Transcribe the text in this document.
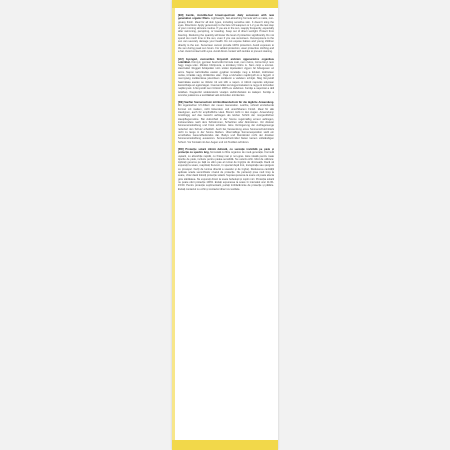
[EN] Gentle, invisible-feel broad-spectrum daily sunscreen with new generation organic filters. Lightweight, fast-absorbing formula with a matte, non-greasy finish. Ideal for all skin types, including sensitive skin. It doesn't sting the eyes. Directions: Apply generously to the face 1/4 teaspoon or 1.2 g as the last step of your morning skincare routine. If you are in the sun, reapply frequently, especially after swimming, perspiring, or toweling. Keep out of direct sunlight. Protect from freezing. Reducing the quantity will lower the level of protection significantly. Do not spend too much time in the sun, even if you use sunscreen. Overexposure to the sun can severely damage your health. Do not expose babies and young children directly to the sun. Sunscreen cannot provide 100% protection. Avoid exposure to the sun during peak sun hours. For added protection, wear protective clothing and a hat. Avoid contact with eyes. Avoid direct contact with textiles to prevent staining.

[HU] Gyengéd, észrevétlen fényvédő arckrém újgenerációs organikus szűrőkkel. Könnyű, gyorsan beszívódó formula matt, nem zsíros, zsíros fényt nem hagy maga után. Minden bőrtípusra, a érzékeny bőrre is. Nem csípi a szemet. Használat: Reggeli bőrápolási rutin utolsó lépéseként vigyen fel bőségesen az arcra. Napon tartózkodás esetén gyakran ismételje meg a felvitelt, különösen úszás, izzadás vagy törölközés után. Óvja a közvetlen napfénytől és a fagytól. A mennyiség csökkentése jelentősen csökkenti a védelem szintjét. Még fényvédő használata esetén se töltsön túl sok időt a napon. A túlzott napozás súlyosan károsíthatja az egészséget. Csecsemőket és kisgyermekeket ne tegye ki közvetlen napfénynek. A fényvédő nem biztosít 100%-os védelmet. Kerülje a napozást a déli órákban. Kiegészítő védelemként viseljen védőruházatot és kalapot. Kerülje a szembe jutását és a textíliákkal való közvetlen érintkezést.

[DE] Sanfter Sonnenschutz mit Breitbandschutz für die tägliche Anwendung. Mit organischen UV-Filtern der neuen Generation. Leichte, schnell einziehende Formel mit mattem, nicht fettendem und unsichtbarem Finish. Ideal für alle Hauttypen, auch für empfindliche Haut. Brennt nicht in den Augen. Anwendung: Großzügig auf das Gesicht auftragen als letzten Schritt der morgendlichen Hautpflegeroutine. Bei Aufenthalt in der Sonne regelmäßig erneut auftragen, insbesondere nach dem Schwimmen, Schwitzen oder Abtrocknen. Vor direkter Sonneneinstrahlung und Frost schützen. Eine Verringerung der Auftragsmenge reduziert den Schutz erheblich. Auch bei Verwendung eines Sonnenschutzmittels nicht zu lange in der Sonne bleiben. Übermäßige Sonnenexposition stellt ein ernsthaftes Gesundheitsrisiko dar. Babys und Kleinkinder nicht der direkten Sonneneinstrahlung aussetzen. Sonnenschutzmittel bieten keinen vollständigen Schutz. Vor Kontakt mit den Augen und mit Textilien schützen.

[RO] Protecție solară zilnică delicată, cu senzație invizibilă pe piele și protecție cu spectru larg, formulată cu filtre organice de nouă generație. Formulă ușoară, cu absorbție rapidă, cu finisaj mat și non-gras. Este ideală pentru toate tipurile de piele, inclusiv pentru pielea sensibilă. Nu ustură ochii. Mod de utilizare: Aplicați generos pe față ca ultim pas al rutinei de îngrijire de dimineață. Dacă vă expuneți la soare, reaplicați frecvent, în special după înot, transpirație sau ștergere cu prosopul. Feriți de lumina directă a soarelui și de îngheț. Reducerea cantității aplicate scade semnificativ nivelul de protecție. Nu petreceți prea mult timp la soare, chiar dacă folosiți protecție solară. Supraexpunerea la soare vă poate afecta grav sănătatea. Nu expuneți direct la soare bebelușii și copiii mici. Protecția solară nu poate oferi protecție 100%. Evitați expunerea la soare în intervalul orar 11:00-15:00. Pentru protecție suplimentară, purtați îmbrăcăminte de protecție și pălărie. Evitați contactul cu ochii și contactul direct cu textilele.
